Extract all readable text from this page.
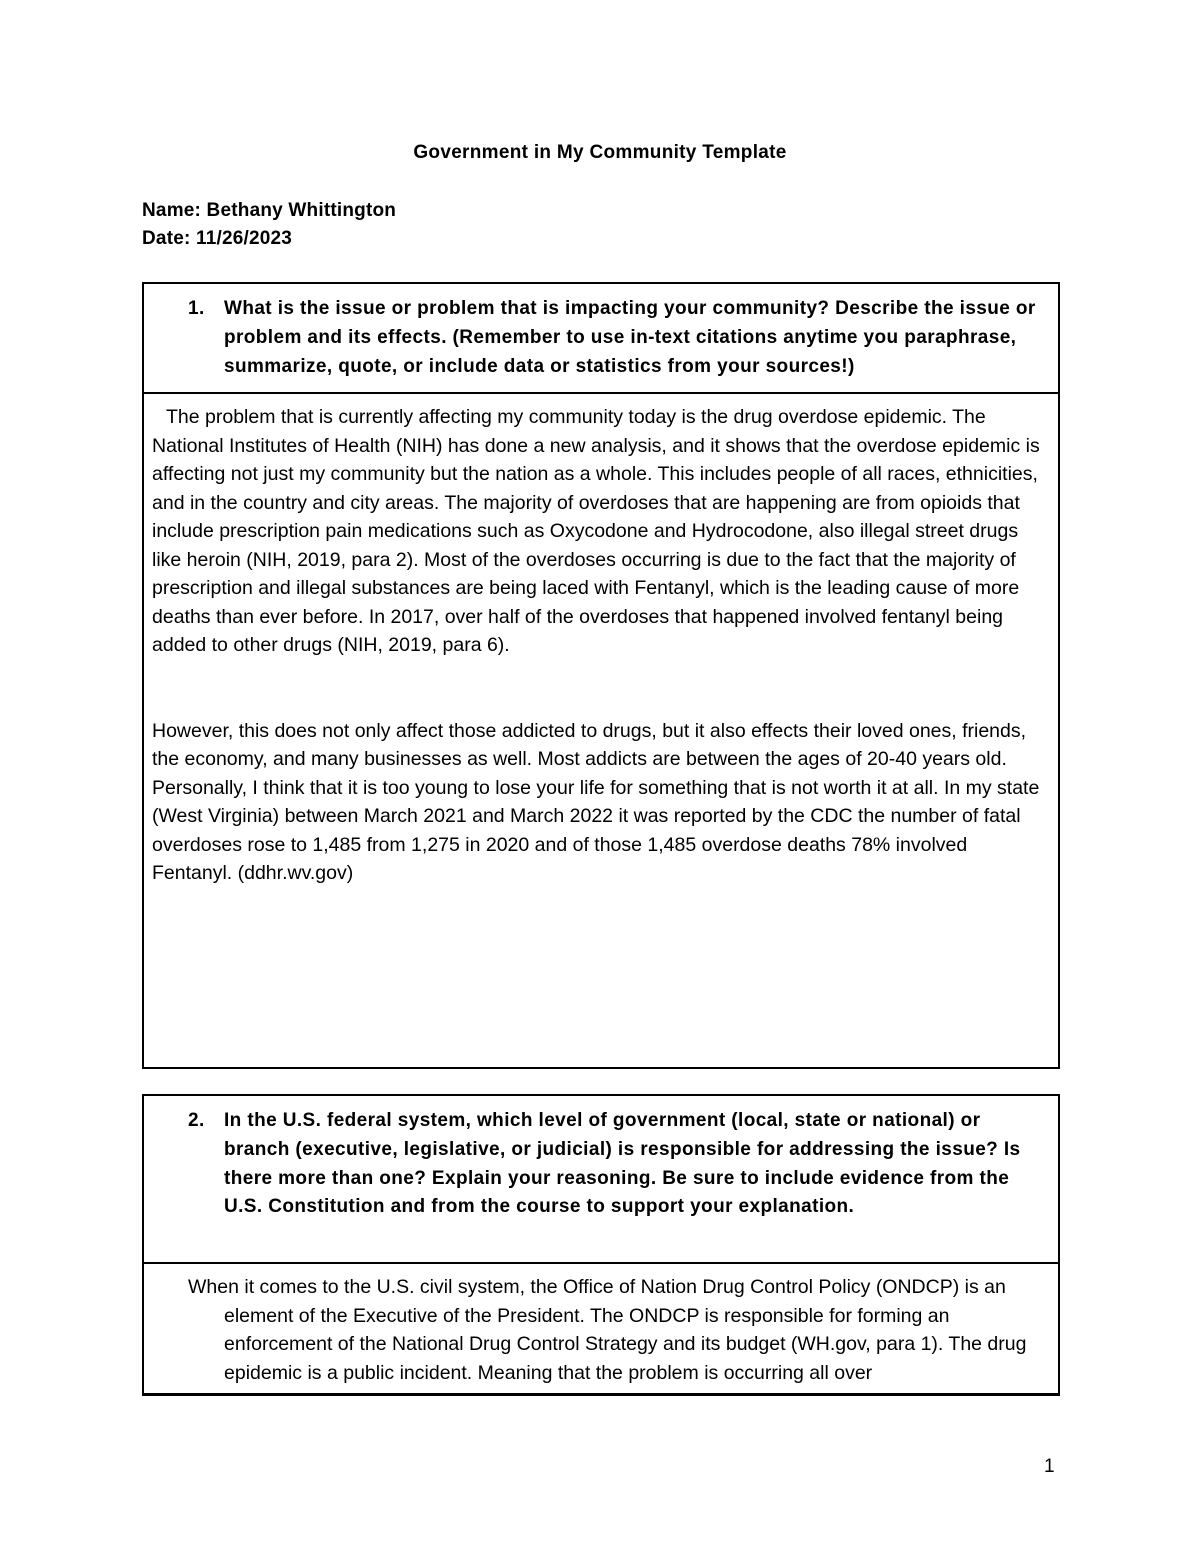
Government in My Community Template
Name: Bethany Whittington
Date: 11/26/2023
1. What is the issue or problem that is impacting your community? Describe the issue or problem and its effects. (Remember to use in-text citations anytime you paraphrase, summarize, quote, or include data or statistics from your sources!)

The problem that is currently affecting my community today is the drug overdose epidemic. The National Institutes of Health (NIH) has done a new analysis, and it shows that the overdose epidemic is affecting not just my community but the nation as a whole. This includes people of all races, ethnicities, and in the country and city areas. The majority of overdoses that are happening are from opioids that include prescription pain medications such as Oxycodone and Hydrocodone, also illegal street drugs like heroin (NIH, 2019, para 2). Most of the overdoses occurring is due to the fact that the majority of prescription and illegal substances are being laced with Fentanyl, which is the leading cause of more deaths than ever before. In 2017, over half of the overdoses that happened involved fentanyl being added to other drugs (NIH, 2019, para 6).

However, this does not only affect those addicted to drugs, but it also effects their loved ones, friends, the economy, and many businesses as well. Most addicts are between the ages of 20-40 years old. Personally, I think that it is too young to lose your life for something that is not worth it at all. In my state (West Virginia) between March 2021 and March 2022 it was reported by the CDC the number of fatal overdoses rose to 1,485 from 1,275 in 2020 and of those 1,485 overdose deaths 78% involved Fentanyl. (ddhr.wv.gov)

2. In the U.S. federal system, which level of government (local, state or national) or branch (executive, legislative, or judicial) is responsible for addressing the issue? Is there more than one? Explain your reasoning. Be sure to include evidence from the U.S. Constitution and from the course to support your explanation.

When it comes to the U.S. civil system, the Office of Nation Drug Control Policy (ONDCP) is an element of the Executive of the President. The ONDCP is responsible for forming an enforcement of the National Drug Control Strategy and its budget (WH.gov, para 1). The drug epidemic is a public incident. Meaning that the problem is occurring all over

1
